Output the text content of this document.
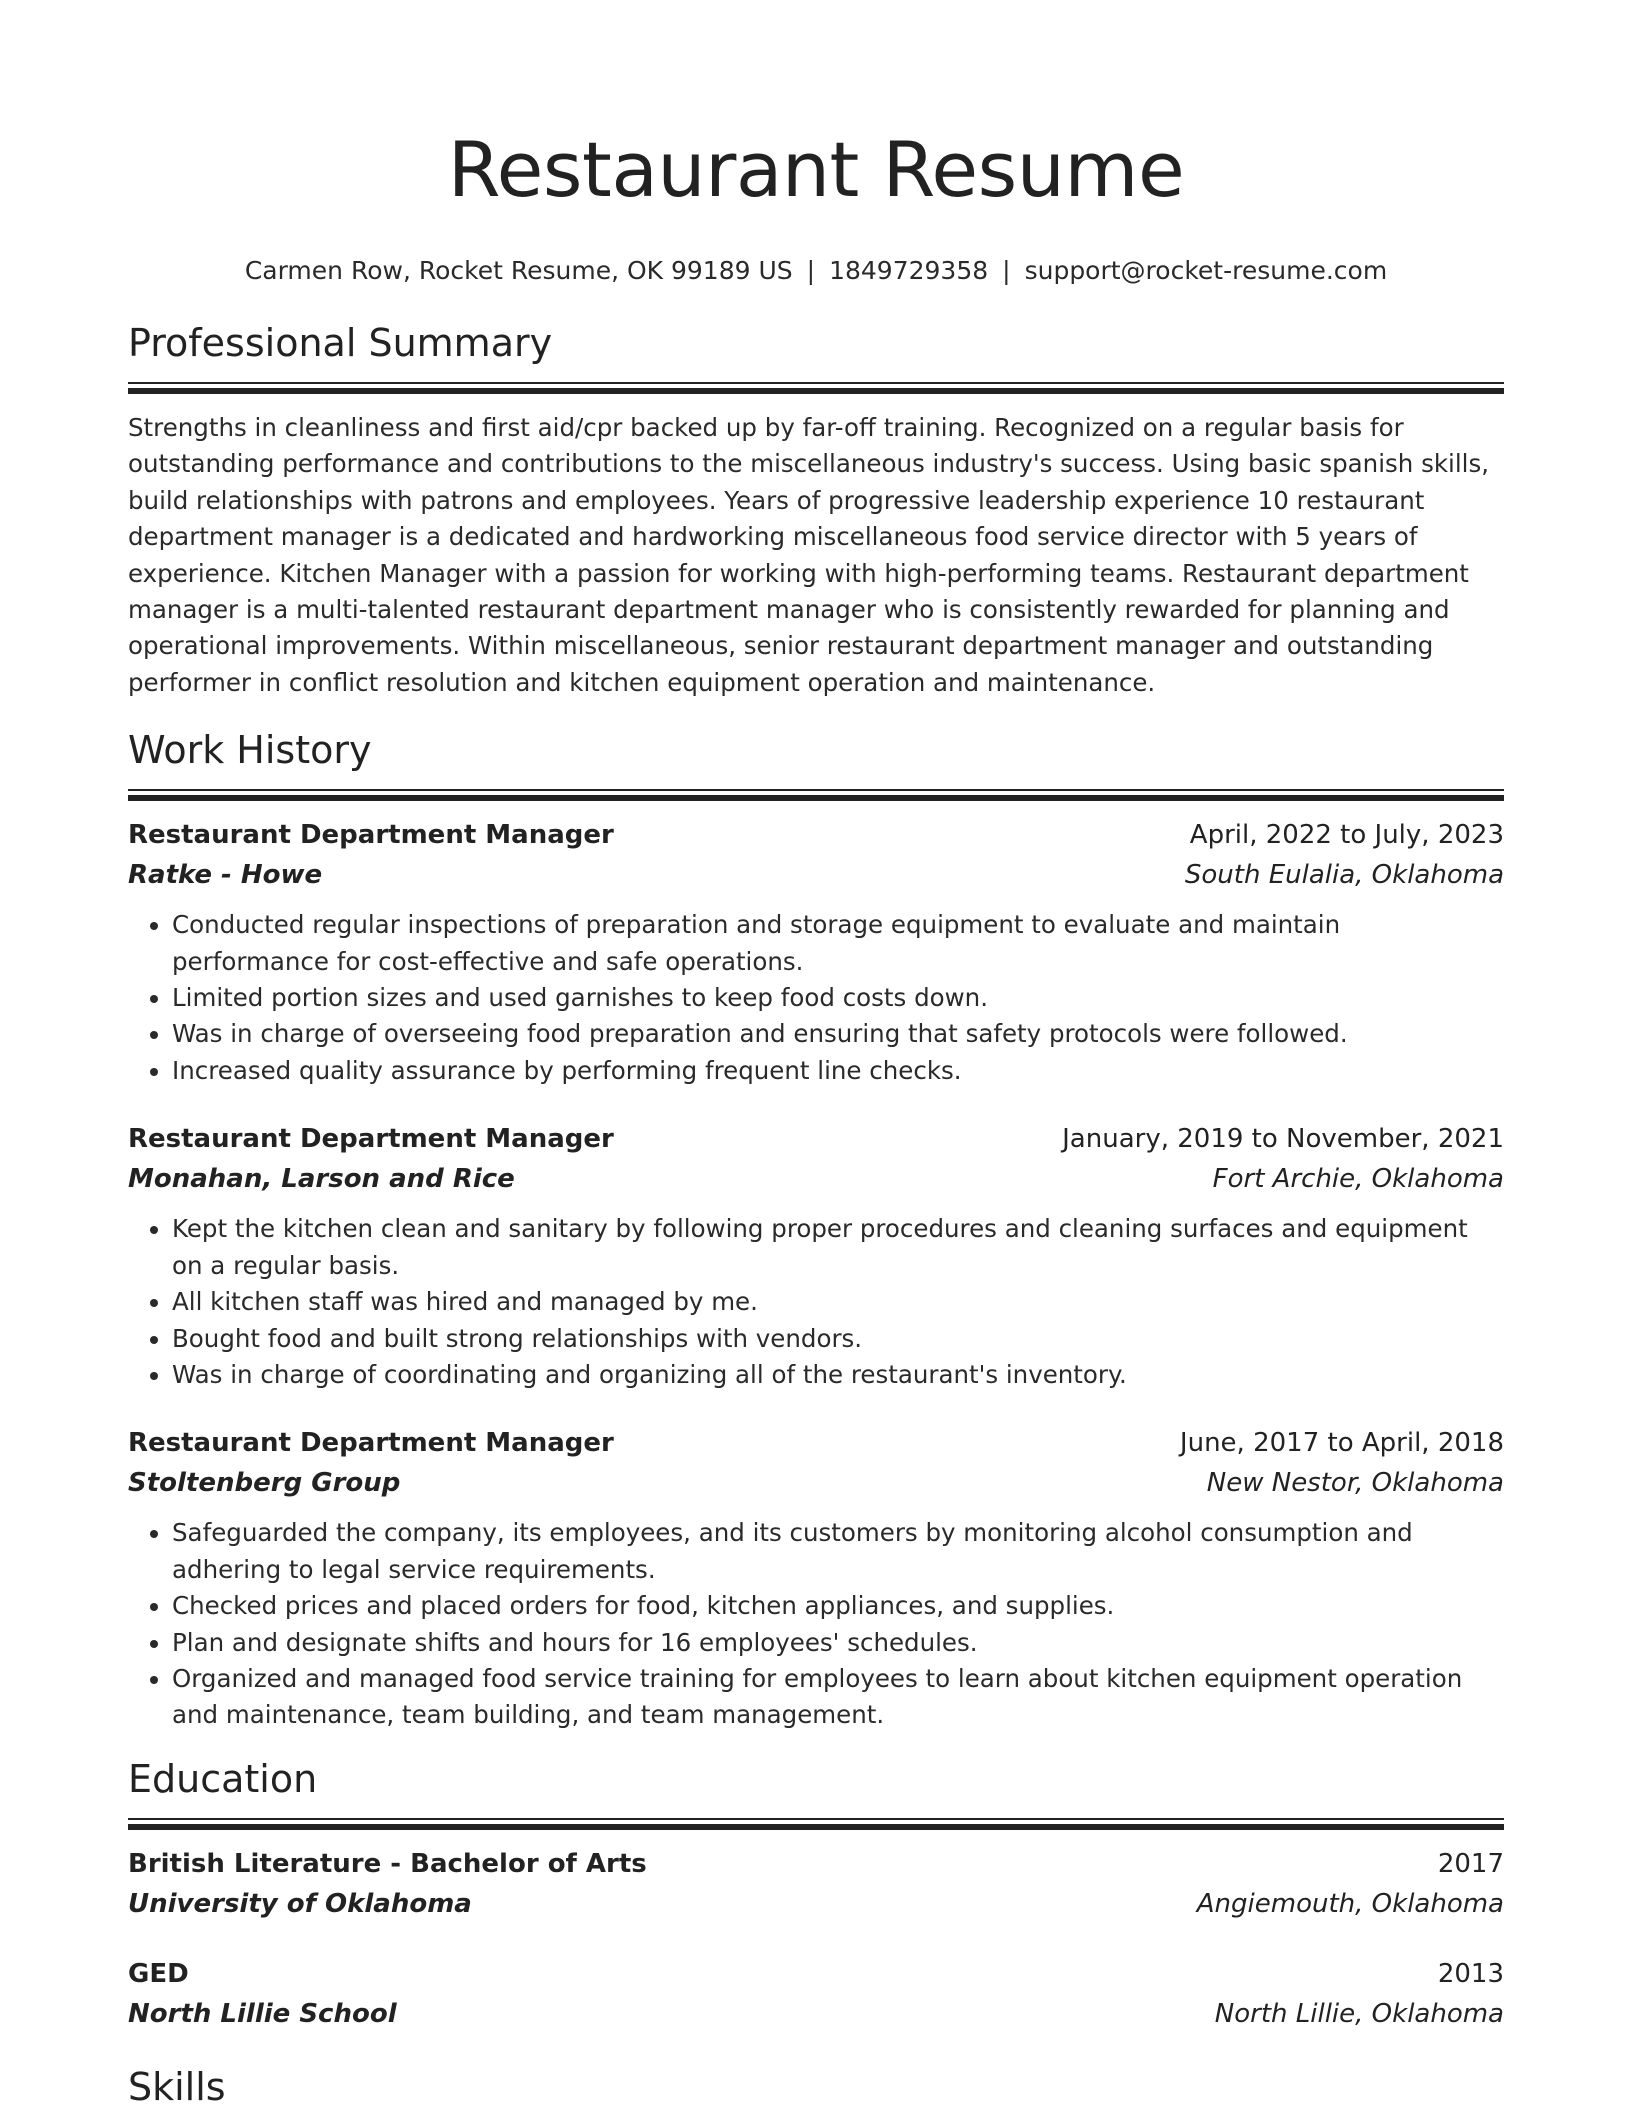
Restaurant Resume
Carmen Row, Rocket Resume, OK 99189 US | 1849729358 | support@rocket-resume.com
Professional Summary
Strengths in cleanliness and first aid/cpr backed up by far-off training. Recognized on a regular basis for outstanding performance and contributions to the miscellaneous industry's success. Using basic spanish skills, build relationships with patrons and employees. Years of progressive leadership experience 10 restaurant department manager is a dedicated and hardworking miscellaneous food service director with 5 years of experience. Kitchen Manager with a passion for working with high-performing teams. Restaurant department manager is a multi-talented restaurant department manager who is consistently rewarded for planning and operational improvements. Within miscellaneous, senior restaurant department manager and outstanding performer in conflict resolution and kitchen equipment operation and maintenance.
Work History
Restaurant Department Manager	April, 2022 to July, 2023
Ratke - Howe	South Eulalia, Oklahoma
• Conducted regular inspections of preparation and storage equipment to evaluate and maintain performance for cost-effective and safe operations.
• Limited portion sizes and used garnishes to keep food costs down.
• Was in charge of overseeing food preparation and ensuring that safety protocols were followed.
• Increased quality assurance by performing frequent line checks.
Restaurant Department Manager	January, 2019 to November, 2021
Monahan, Larson and Rice	Fort Archie, Oklahoma
• Kept the kitchen clean and sanitary by following proper procedures and cleaning surfaces and equipment on a regular basis.
• All kitchen staff was hired and managed by me.
• Bought food and built strong relationships with vendors.
• Was in charge of coordinating and organizing all of the restaurant's inventory.
Restaurant Department Manager	June, 2017 to April, 2018
Stoltenberg Group	New Nestor, Oklahoma
• Safeguarded the company, its employees, and its customers by monitoring alcohol consumption and adhering to legal service requirements.
• Checked prices and placed orders for food, kitchen appliances, and supplies.
• Plan and designate shifts and hours for 16 employees' schedules.
• Organized and managed food service training for employees to learn about kitchen equipment operation and maintenance, team building, and team management.
Education
British Literature - Bachelor of Arts	2017
University of Oklahoma	Angiemouth, Oklahoma
GED	2013
North Lillie School	North Lillie, Oklahoma
Skills
